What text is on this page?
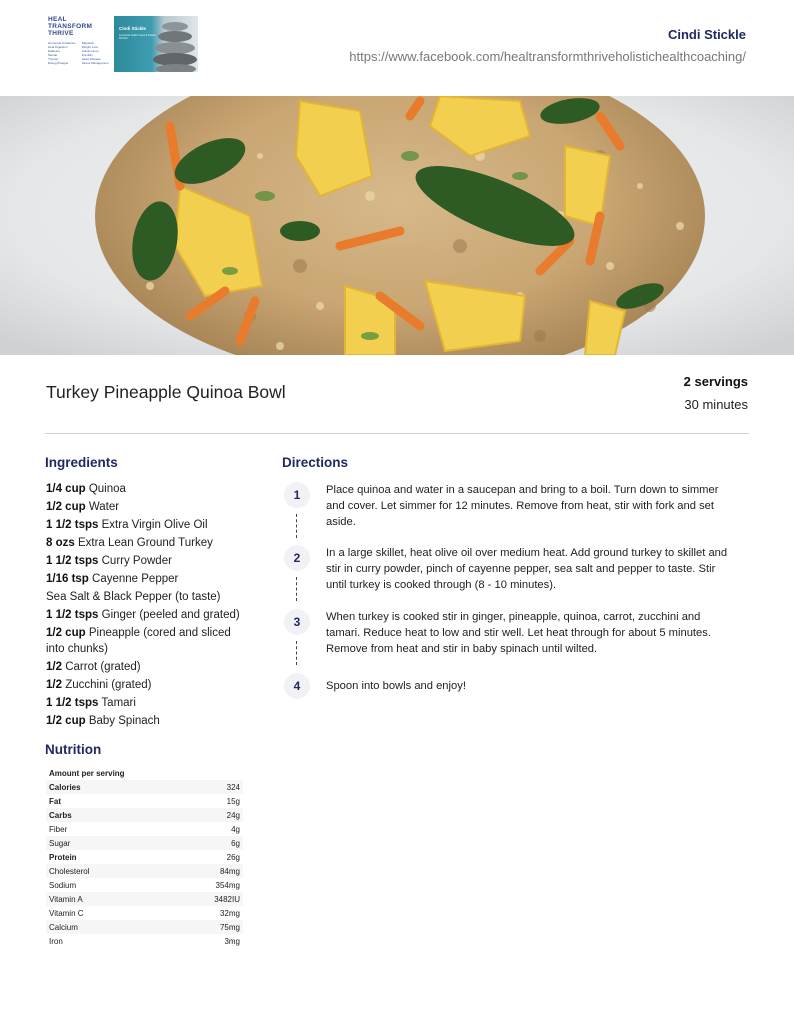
HEAL
TRANSFORM
THRIVE
Hormonal Imbalance
Heal Digestion
Diabetes
Mental
Thyroid
Energy/Fatigue
Digestion
Weight Loss
Autoimmune
Infertility
Heart Disease
Stress Management
Cindi Stickle
Functional Health Coach & Holistic Nutrition	Cindi Stickle
https://www.facebook.com/healtransformthriveholistichealthcoaching/
Turkey Pineapple Quinoa Bowl
2 servings
30 minutes
Ingredients
1/4 cup Quinoa
1/2 cup Water
1 1/2 tsps Extra Virgin Olive Oil
8 ozs Extra Lean Ground Turkey
1 1/2 tsps Curry Powder
1/16 tsp Cayenne Pepper
Sea Salt & Black Pepper (to taste)
1 1/2 tsps Ginger (peeled and grated)
1/2 cup Pineapple (cored and sliced into chunks)
1/2 Carrot (grated)
1/2 Zucchini (grated)
1 1/2 tsps Tamari
1/2 cup Baby Spinach
Nutrition
Amount per serving	
Calories	324
Fat	15g
Carbs	24g
Fiber	4g
Sugar	6g
Protein	26g
Cholesterol	84mg
Sodium	354mg
Vitamin A	3482IU
Vitamin C	32mg
Calcium	75mg
Iron	3mg
Directions
1	Place quinoa and water in a saucepan and bring to a boil. Turn down to simmer and cover. Let simmer for 12 minutes. Remove from heat, stir with fork and set aside.
2	In a large skillet, heat olive oil over medium heat. Add ground turkey to skillet and stir in curry powder, pinch of cayenne pepper, sea salt and pepper to taste. Stir until turkey is cooked through (8 - 10 minutes).
3	When turkey is cooked stir in ginger, pineapple, quinoa, carrot, zucchini and tamari. Reduce heat to low and stir well. Let heat through for about 5 minutes. Remove from heat and stir in baby spinach until wilted.
4	Spoon into bowls and enjoy!
